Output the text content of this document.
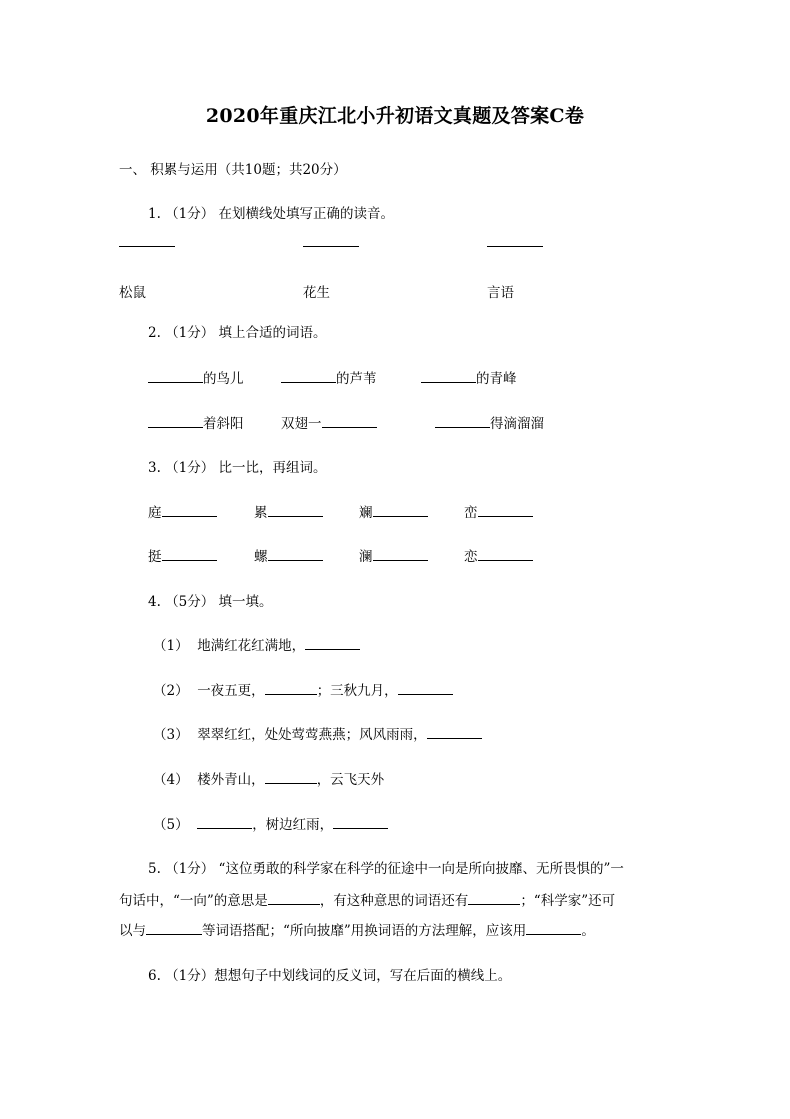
2020年重庆江北小升初语文真题及答案C卷
一、 积累与运用（共10题；共20分）
1. （1分） 在划横线处填写正确的读音。
松鼠	花生	言语
2. （1分） 填上合适的词语。
的鸟儿	的芦苇	的青峰
着斜阳	双翅一	得滴溜溜
3. （1分） 比一比，再组词。
庭	累	斓	峦
挺	螺	澜	恋
4. （5分） 填一填。
（1） 地满红花红满地，
（2） 一夜五更，	；三秋九月，
（3） 翠翠红红，处处莺莺燕燕；风风雨雨，
（4） 楼外青山，	，云飞天外
（5）	，树边红雨，
5. （1分） “这位勇敢的科学家在科学的征途中一向是所向披靡、无所畏惧的”一
句话中，“一向”的意思是	，有这种意思的词语还有	；“科学家”还可
以与	等词语搭配；“所向披靡”用换词语的方法理解，应该用	。
6. （1分）想想句子中划线词的反义词，写在后面的横线上。
